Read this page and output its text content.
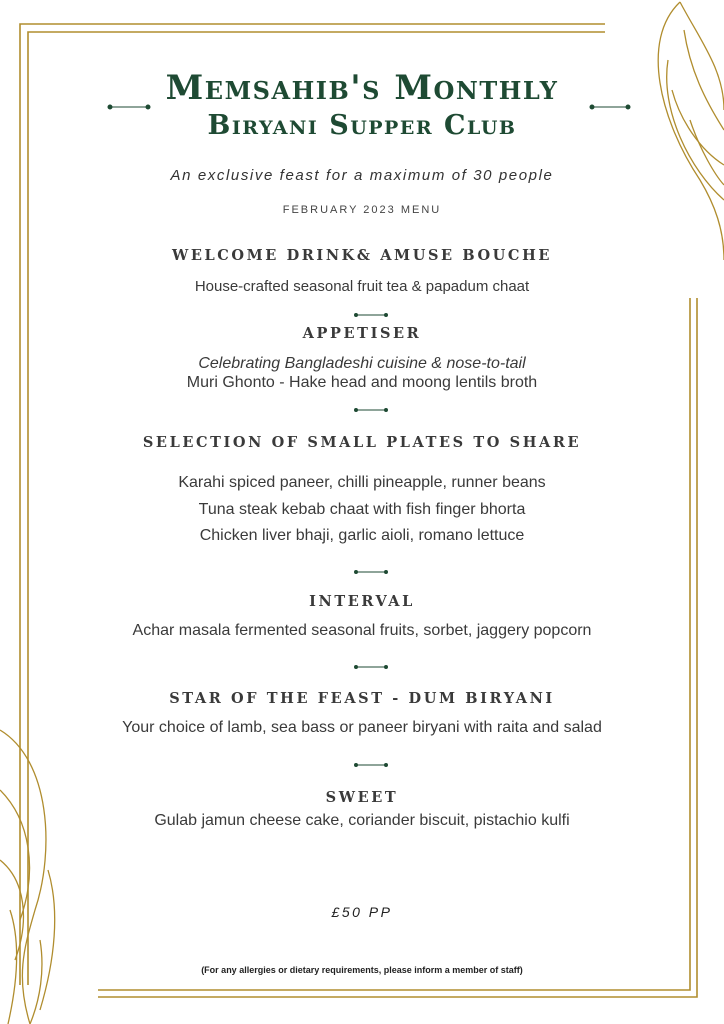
Memsahib's Monthly
Biryani Supper Club

An exclusive feast for a maximum of 30 people

FEBRUARY 2023 MENU

WELCOME DRINK& AMUSE BOUCHE

House-crafted seasonal fruit tea & papadum chaat

APPETISER

Celebrating Bangladeshi cuisine & nose-to-tail

Muri Ghonto - Hake head and moong lentils broth

SELECTION OF SMALL PLATES TO SHARE

Karahi spiced paneer, chilli pineapple, runner beans

Tuna steak kebab chaat with fish finger bhorta

Chicken liver bhaji, garlic aioli, romano lettuce

INTERVAL

Achar masala fermented seasonal fruits, sorbet, jaggery popcorn

STAR OF THE FEAST - DUM BIRYANI

Your choice of lamb, sea bass or paneer biryani with raita and salad

SWEET

Gulab jamun cheese cake, coriander biscuit, pistachio kulfi

£50 PP

(For any allergies or dietary requirements, please inform a member of staff)
